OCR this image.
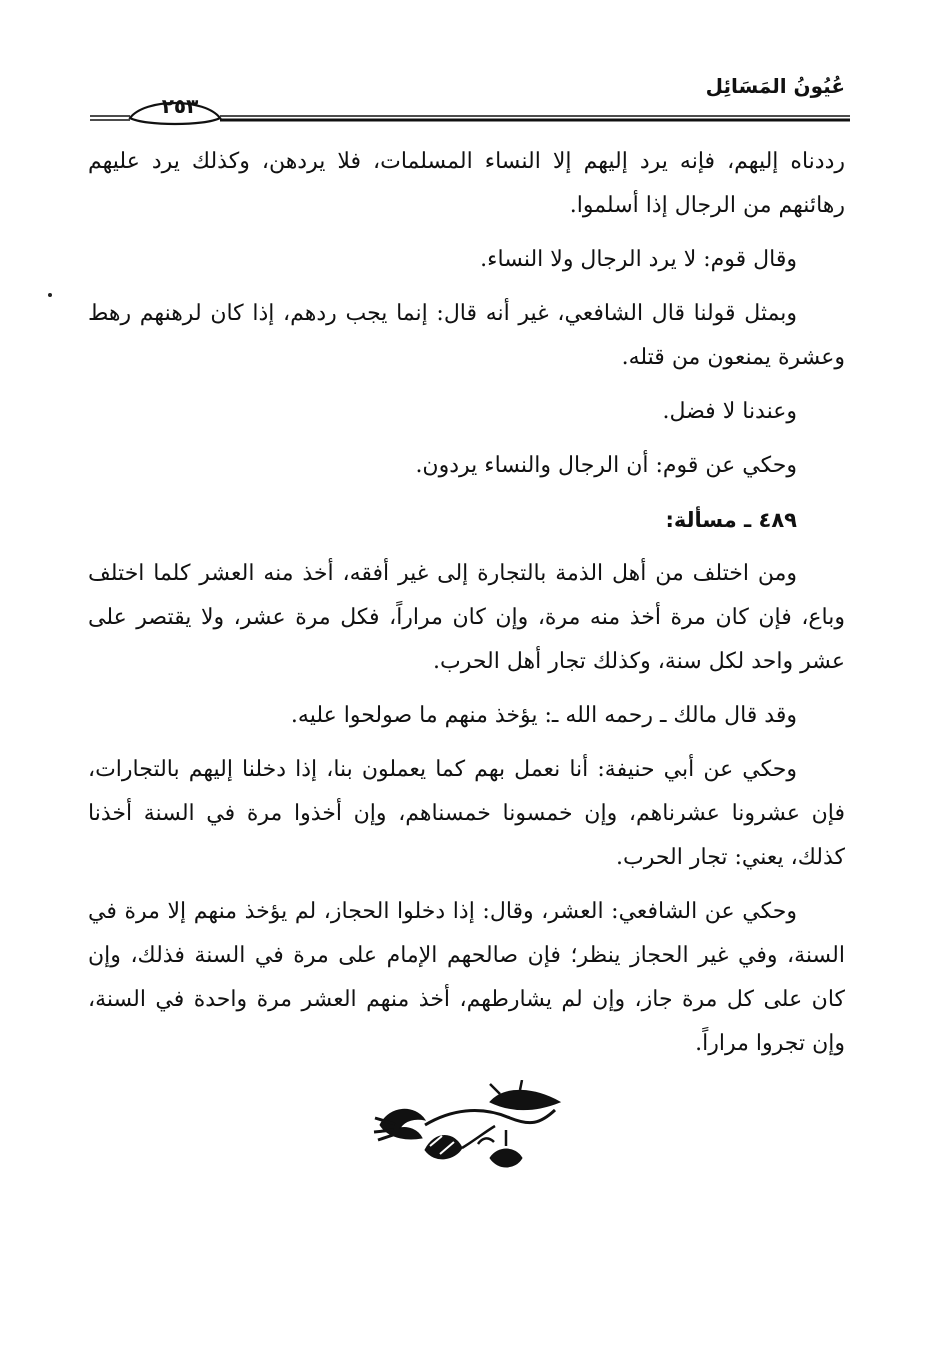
عُيُونُ المَسَائِل
٢٥٣

رددناه إليهم، فإنه يرد إليهم إلا النساء المسلمات، فلا يردهن، وكذلك يرد عليهم رهائنهم من الرجال إذا أسلموا.

وقال قوم: لا يرد الرجال ولا النساء.

وبمثل قولنا قال الشافعي، غير أنه قال: إنما يجب ردهم، إذا كان لرهنهم رهط وعشرة يمنعون من قتله.

وعندنا لا فضل.

وحكي عن قوم: أن الرجال والنساء يردون.

٤٨٩ ـ مسألة:

ومن اختلف من أهل الذمة بالتجارة إلى غير أفقه، أخذ منه العشر كلما اختلف وباع، فإن كان مرة أخذ منه مرة، وإن كان مراراً، فكل مرة عشر، ولا يقتصر على عشر واحد لكل سنة، وكذلك تجار أهل الحرب.

وقد قال مالك ـ رحمه الله ـ: يؤخذ منهم ما صولحوا عليه.

وحكي عن أبي حنيفة: أنا نعمل بهم كما يعملون بنا، إذا دخلنا إليهم بالتجارات، فإن عشرونا عشرناهم، وإن خمسونا خمسناهم، وإن أخذوا مرة في السنة أخذنا كذلك، يعني: تجار الحرب.

وحكي عن الشافعي: العشر، وقال: إذا دخلوا الحجاز، لم يؤخذ منهم إلا مرة في السنة، وفي غير الحجاز ينظر؛ فإن صالحهم الإمام على مرة في السنة فذلك، وإن كان على كل مرة جاز، وإن لم يشارطهم، أخذ منهم العشر مرة واحدة في السنة، وإن تجروا مراراً.
